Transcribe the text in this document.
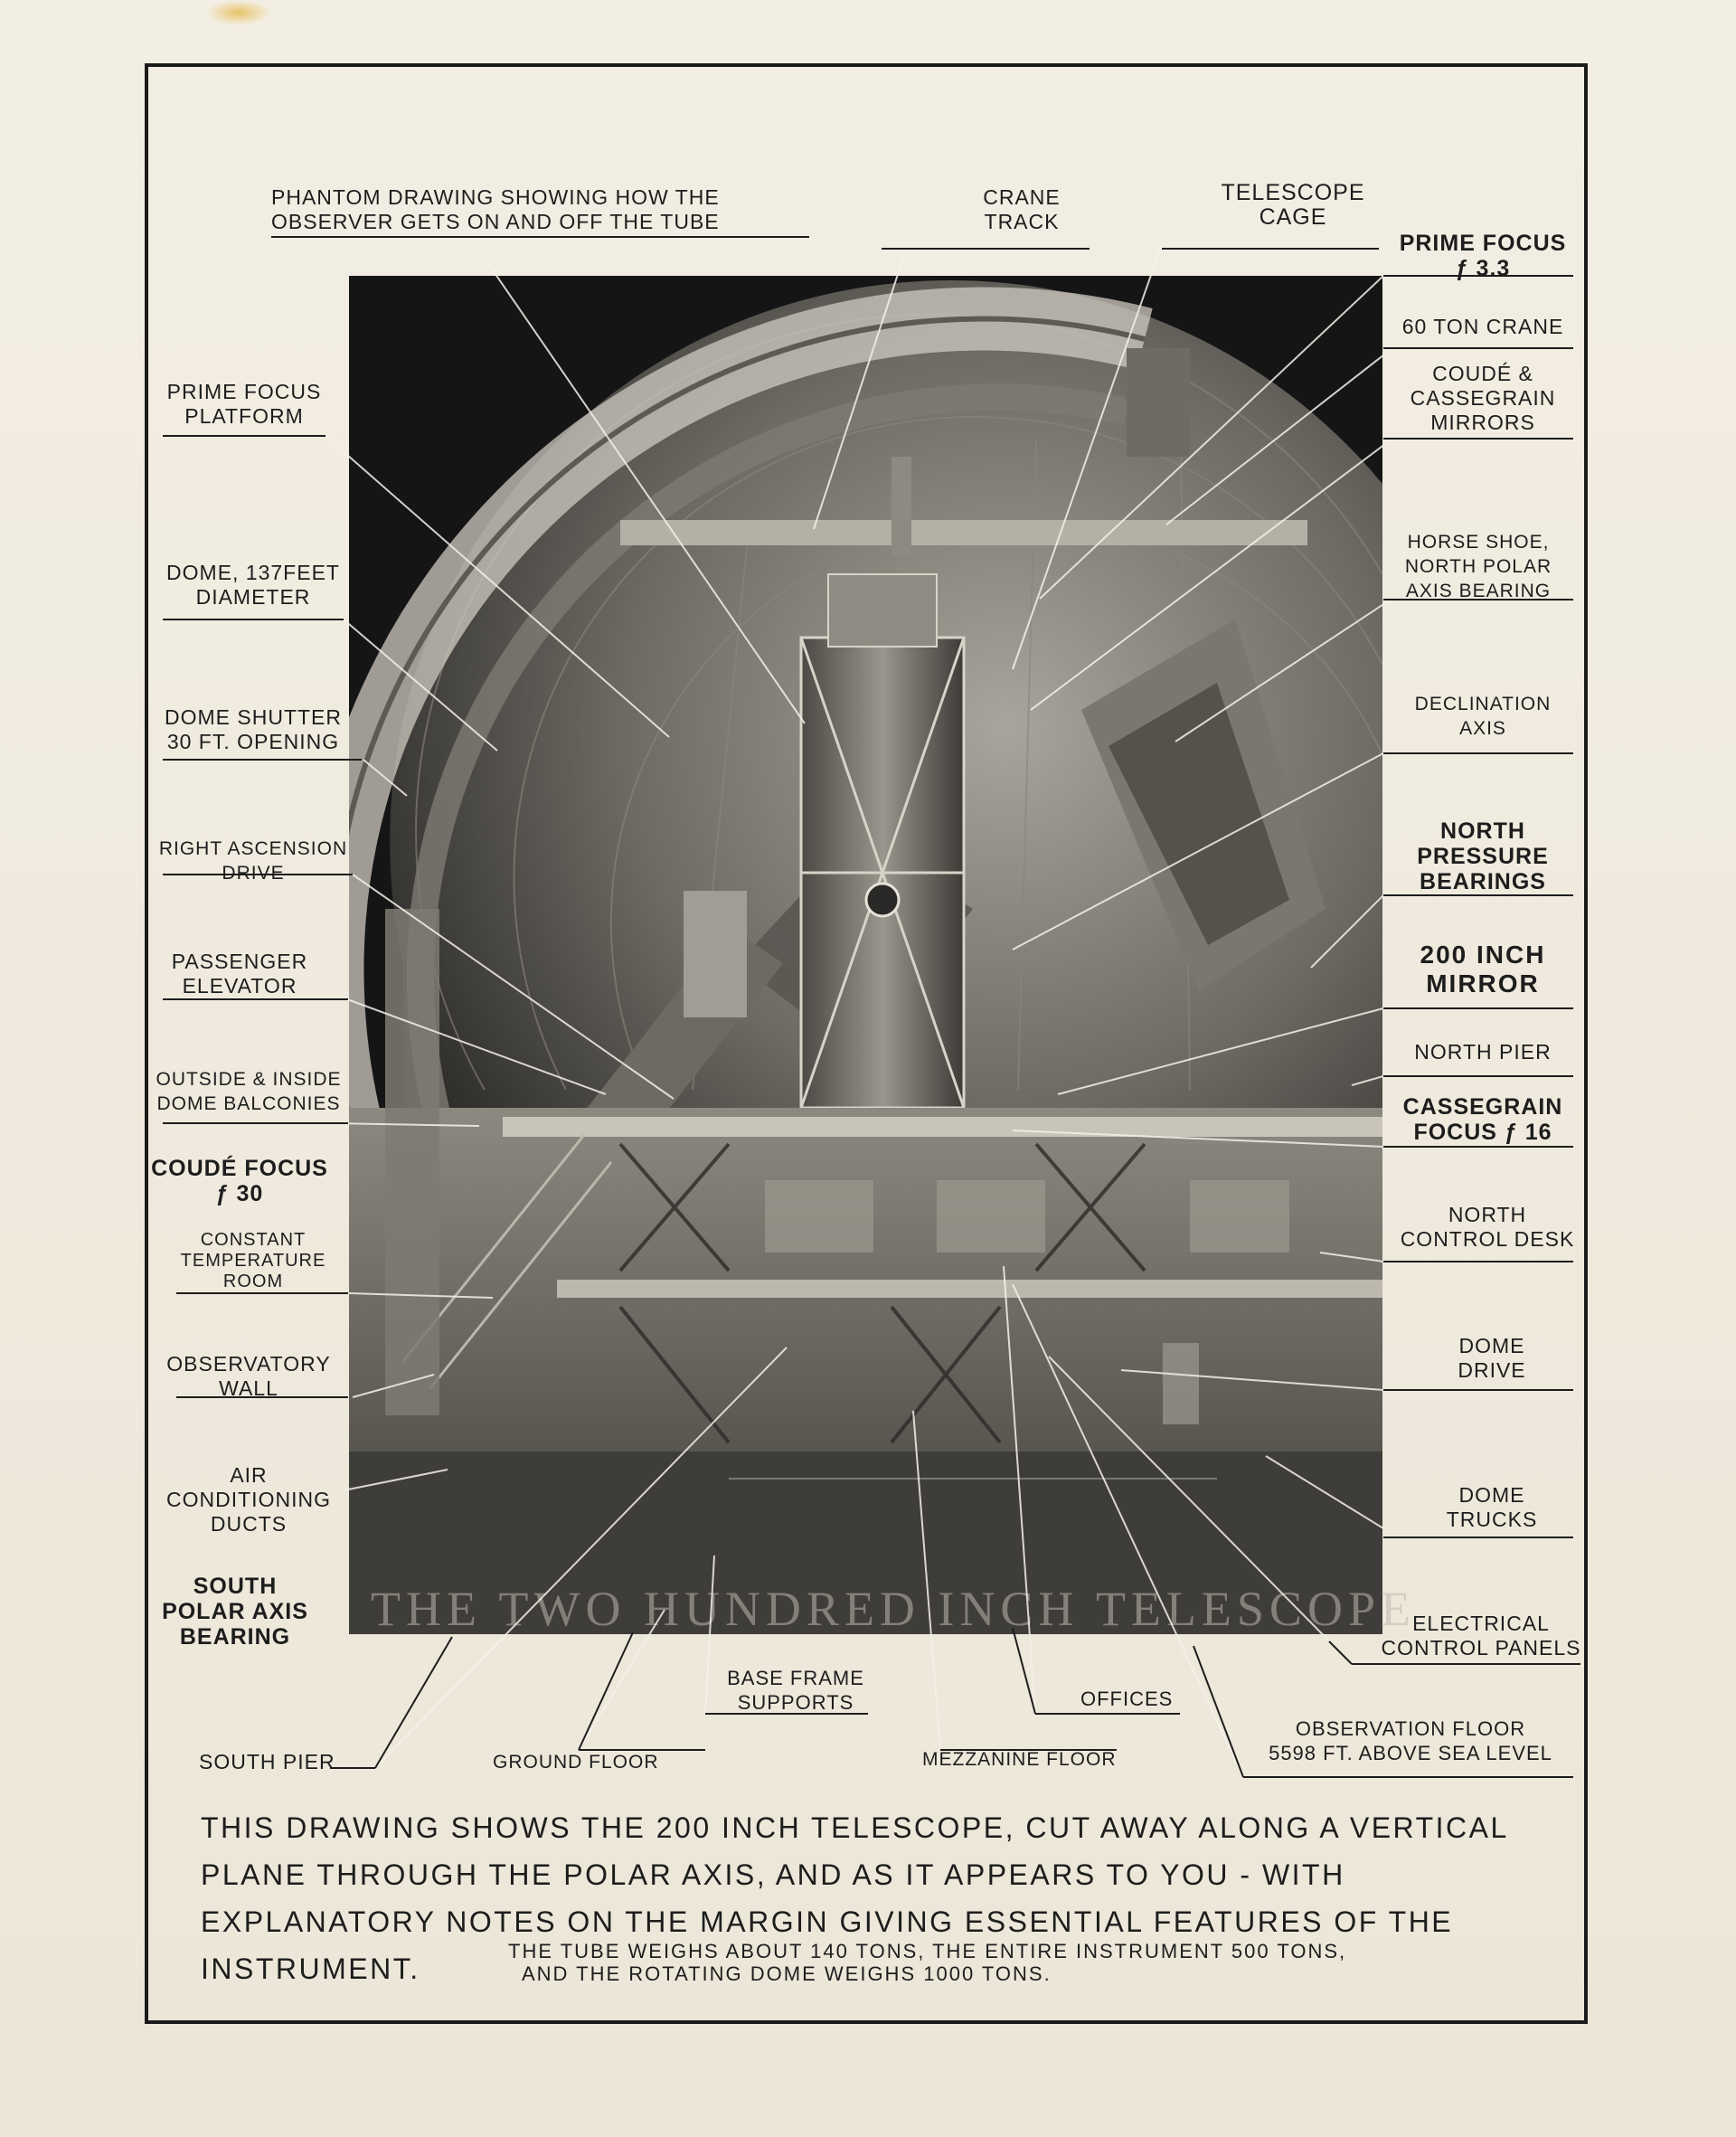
THE TWO HUNDRED INCH TELESCOPE
PHANTOM DRAWING SHOWING HOW THE
OBSERVER GETS ON AND OFF THE TUBE
CRANE
TRACK
TELESCOPE
CAGE
PRIME FOCUS
PLATFORM
DOME, 137FEET
DIAMETER
DOME SHUTTER
30 FT. OPENING
RIGHT ASCENSION
DRIVE
PASSENGER
ELEVATOR
OUTSIDE & INSIDE
DOME BALCONIES
COUDÉ FOCUS
ƒ 30
CONSTANT
TEMPERATURE
ROOM
OBSERVATORY
WALL
AIR
CONDITIONING
DUCTS
SOUTH
POLAR AXIS
BEARING
PRIME FOCUS
ƒ 3.3
60 TON CRANE
COUDÉ &
CASSEGRAIN
MIRRORS
HORSE SHOE,
NORTH POLAR
AXIS BEARING
DECLINATION
AXIS
NORTH
PRESSURE
BEARINGS
200 INCH
MIRROR
NORTH PIER
CASSEGRAIN
FOCUS ƒ 16
NORTH
CONTROL DESK
DOME
DRIVE
DOME
TRUCKS
ELECTRICAL
CONTROL PANELS
SOUTH PIER	GROUND FLOOR
BASE FRAME
SUPPORTS
MEZZANINE FLOOR
OFFICES
OBSERVATION FLOOR
5598 FT. ABOVE SEA LEVEL
THIS DRAWING SHOWS THE 200 INCH TELESCOPE, CUT AWAY ALONG A VERTICAL
PLANE THROUGH THE POLAR AXIS, AND AS IT APPEARS TO YOU - WITH
EXPLANATORY NOTES ON THE MARGIN GIVING ESSENTIAL FEATURES OF THE
INSTRUMENT.
THE TUBE WEIGHS ABOUT 140 TONS, THE ENTIRE INSTRUMENT 500 TONS,
AND THE ROTATING DOME WEIGHS 1000 TONS.
